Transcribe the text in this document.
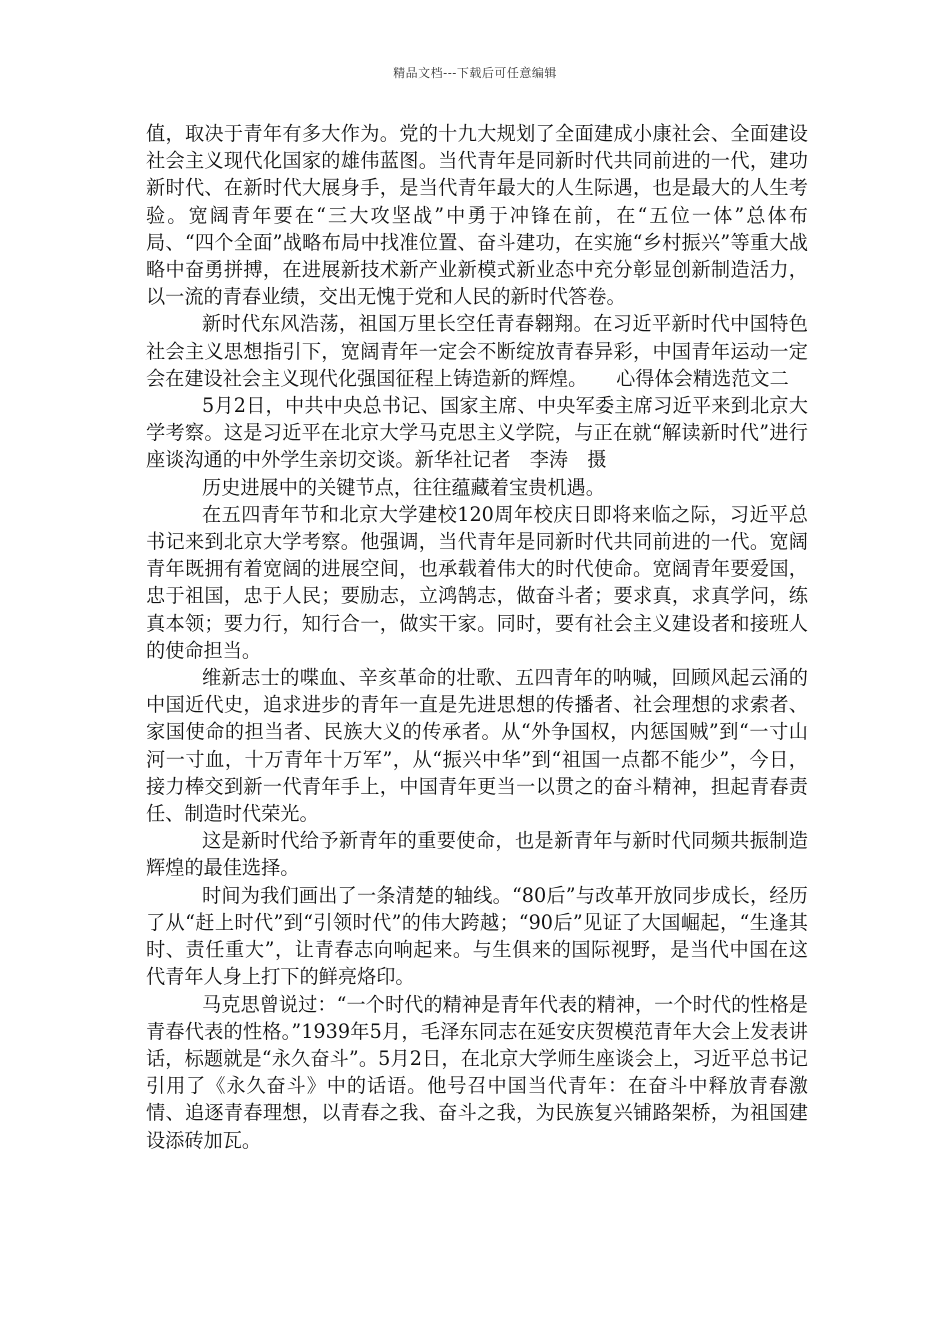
精品文档---下载后可任意编辑

值，取决于青年有多大作为。党的十九大规划了全面建成小康社会、全面建设社会主义现代化国家的雄伟蓝图。当代青年是同新时代共同前进的一代，建功新时代、在新时代大展身手，是当代青年最大的人生际遇，也是最大的人生考验。宽阔青年要在“三大攻坚战”中勇于冲锋在前，在“五位一体”总体布局、“四个全面”战略布局中找准位置、奋斗建功，在实施“乡村振兴”等重大战略中奋勇拼搏，在进展新技术新产业新模式新业态中充分彰显创新制造活力，以一流的青春业绩，交出无愧于党和人民的新时代答卷。

新时代东风浩荡，祖国万里长空任青春翱翔。在习近平新时代中国特色社会主义思想指引下，宽阔青年一定会不断绽放青春异彩，中国青年运动一定会在建设社会主义现代化强国征程上铸造新的辉煌。　　心得体会精选范文二

5月2日，中共中央总书记、国家主席、中央军委主席习近平来到北京大学考察。这是习近平在北京大学马克思主义学院，与正在就“解读新时代”进行座谈沟通的中外学生亲切交谈。新华社记者　李涛　摄

历史进展中的关键节点，往往蕴藏着宝贵机遇。

在五四青年节和北京大学建校120周年校庆日即将来临之际，习近平总书记来到北京大学考察。他强调，当代青年是同新时代共同前进的一代。宽阔青年既拥有着宽阔的进展空间，也承载着伟大的时代使命。宽阔青年要爱国，忠于祖国，忠于人民；要励志，立鸿鹄志，做奋斗者；要求真，求真学问，练真本领；要力行，知行合一，做实干家。同时，要有社会主义建设者和接班人的使命担当。

维新志士的喋血、辛亥革命的壮歌、五四青年的呐喊，回顾风起云涌的中国近代史，追求进步的青年一直是先进思想的传播者、社会理想的求索者、家国使命的担当者、民族大义的传承者。从“外争国权，内惩国贼”到“一寸山河一寸血，十万青年十万军”，从“振兴中华”到“祖国一点都不能少”，今日，接力棒交到新一代青年手上，中国青年更当一以贯之的奋斗精神，担起青春责任、制造时代荣光。

这是新时代给予新青年的重要使命，也是新青年与新时代同频共振制造辉煌的最佳选择。

时间为我们画出了一条清楚的轴线。“80后”与改革开放同步成长，经历了从“赶上时代”到“引领时代”的伟大跨越；“90后”见证了大国崛起，“生逢其时、责任重大”，让青春志向响起来。与生俱来的国际视野，是当代中国在这代青年人身上打下的鲜亮烙印。

马克思曾说过：“一个时代的精神是青年代表的精神，一个时代的性格是青春代表的性格。”1939年5月，毛泽东同志在延安庆贺模范青年大会上发表讲话，标题就是“永久奋斗”。5月2日，在北京大学师生座谈会上，习近平总书记引用了《永久奋斗》中的话语。他号召中国当代青年：在奋斗中释放青春激情、追逐青春理想，以青春之我、奋斗之我，为民族复兴铺路架桥，为祖国建设添砖加瓦。
